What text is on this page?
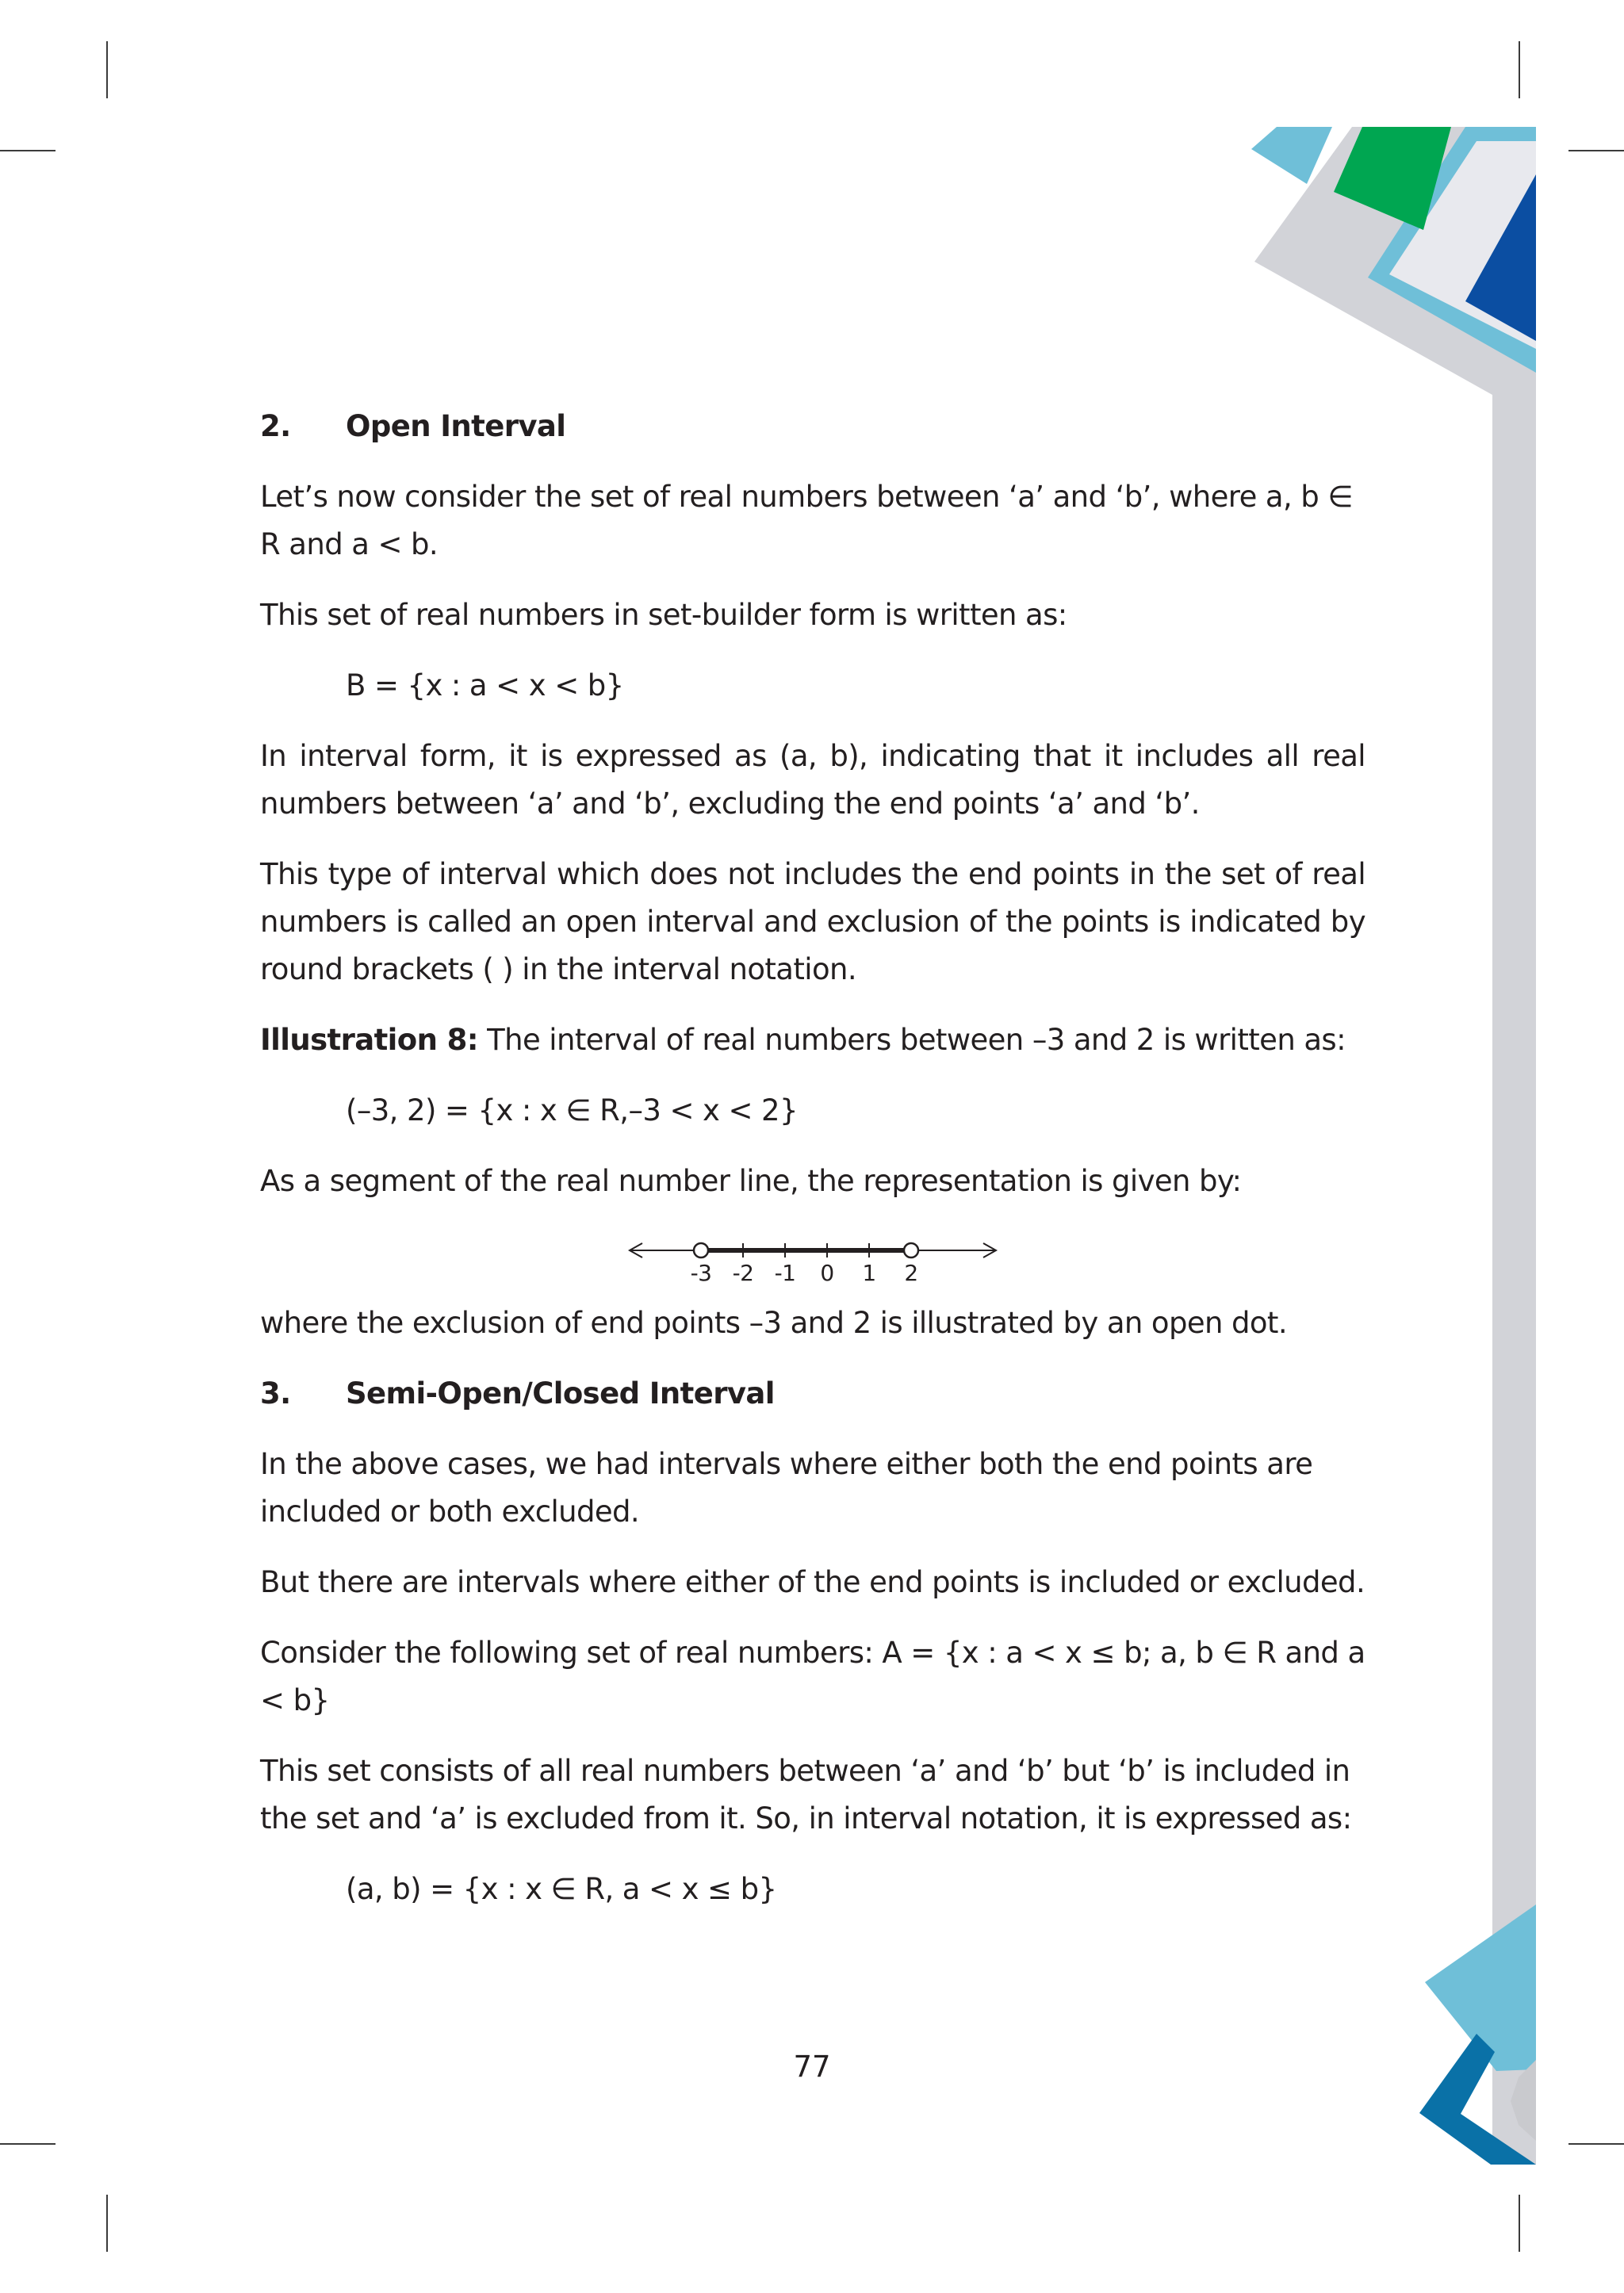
2. Open Interval

Let’s now consider the set of real numbers between ‘a’ and ‘b’, where a, b ∈ R and a < b.

This set of real numbers in set-builder form is written as:

B = {x : a < x < b}

In interval form, it is expressed as (a, b), indicating that it includes all real numbers between ‘a’ and ‘b’, excluding the end points ‘a’ and ‘b’.

This type of interval which does not includes the end points in the set of real numbers is called an open interval and exclusion of the points is indicated by round brackets ( ) in the interval notation.

Illustration 8: The interval of real numbers between –3 and 2 is written as:

(–3, 2) = {x : x ∈ R,–3 < x < 2}

As a segment of the real number line, the representation is given by:

-3 -2 -1 0 1 2

where the exclusion of end points –3 and 2 is illustrated by an open dot.

3. Semi-Open/Closed Interval

In the above cases, we had intervals where either both the end points are included or both excluded.

But there are intervals where either of the end points is included or excluded.

Consider the following set of real numbers: A = {x : a < x ≤ b; a, b ∈ R and a < b}

This set consists of all real numbers between ‘a’ and ‘b’ but ‘b’ is included in the set and ‘a’ is excluded from it. So, in interval notation, it is expressed as:

(a, b) = {x : x ∈ R, a < x ≤ b}

77
